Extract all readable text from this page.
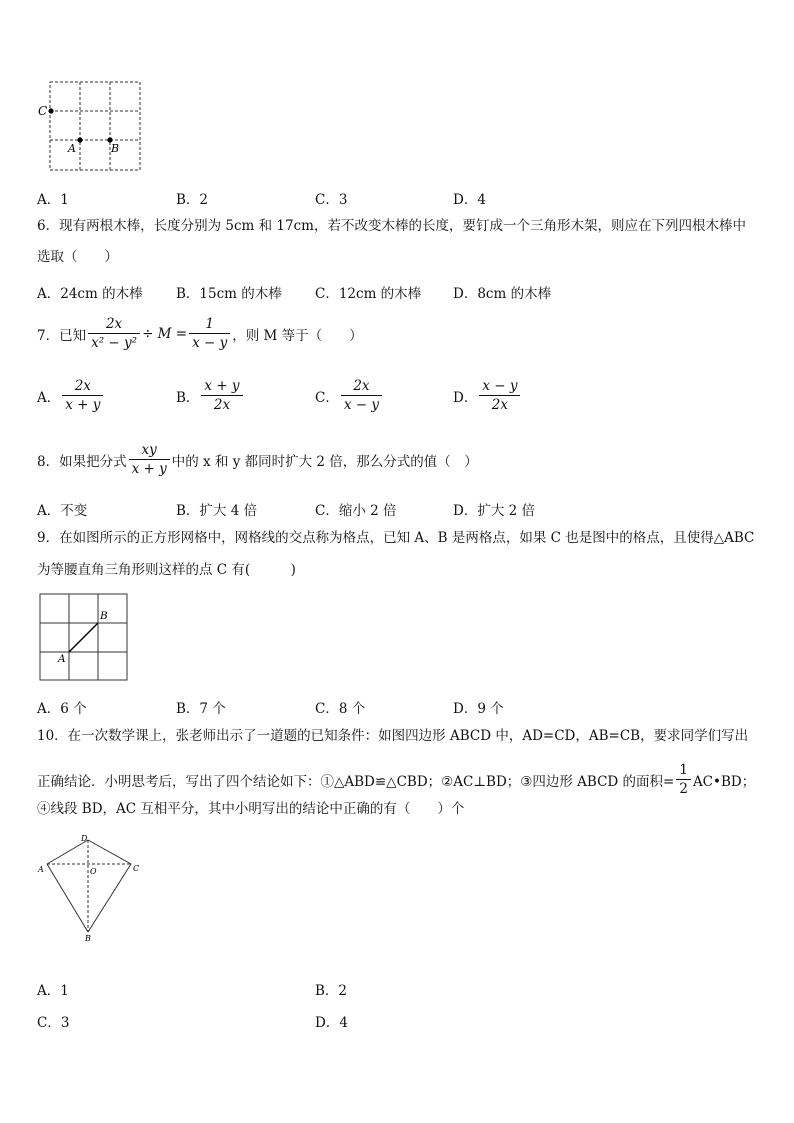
C
A	B
A．1	B．2	C．3	D．4
6．现有两根木棒，长度分别为 5cm 和 17cm，若不改变木棒的长度，要钉成一个三角形木架，则应在下列四根木棒中
选取（　　）
A．24cm 的木棒 B．15cm 的木棒 C．12cm 的木棒 D．8cm 的木棒
7．已知 $\frac{2x}{\text{x² − y²}} \div M = \frac{1}{x - y}$ ，则 M 等于（　　）
A． $\frac{2x}{x + y}$	B． $\frac{x + y}{2x}$	C． $\frac{2x}{x - y}$	D． $\frac{x - y}{2x}$
8．如果把分式 $\frac{xy}{x + y}$ 中的 x 和 y 都同时扩大 2 倍，那么分式的值（　）
A．不变	B．扩大 4 倍	C．缩小 2 倍	D．扩大 2 倍
9．在如图所示的正方形网格中，网格线的交点称为格点，已知 A、B 是两格点，如果 C 也是图中的格点，且使得△ABC
为等腰直角三角形则这样的点 C 有(　　　)
A
B
A．6 个	B．7 个	C．8 个	D．9 个
10．在一次数学课上，张老师出示了一道题的已知条件：如图四边形 ABCD 中，AD=CD，AB=CB，要求同学们写出
正确结论．小明思考后，写出了四个结论如下：①△ABD≌△CBD；②AC⊥BD；③四边形 ABCD 的面积= $\frac{1}{2}$ AC•BD；
④线段 BD，AC 互相平分，其中小明写出的结论中正确的有（　　）个
D
A	O	C
B
A．1	B．2
C．3	D．4
